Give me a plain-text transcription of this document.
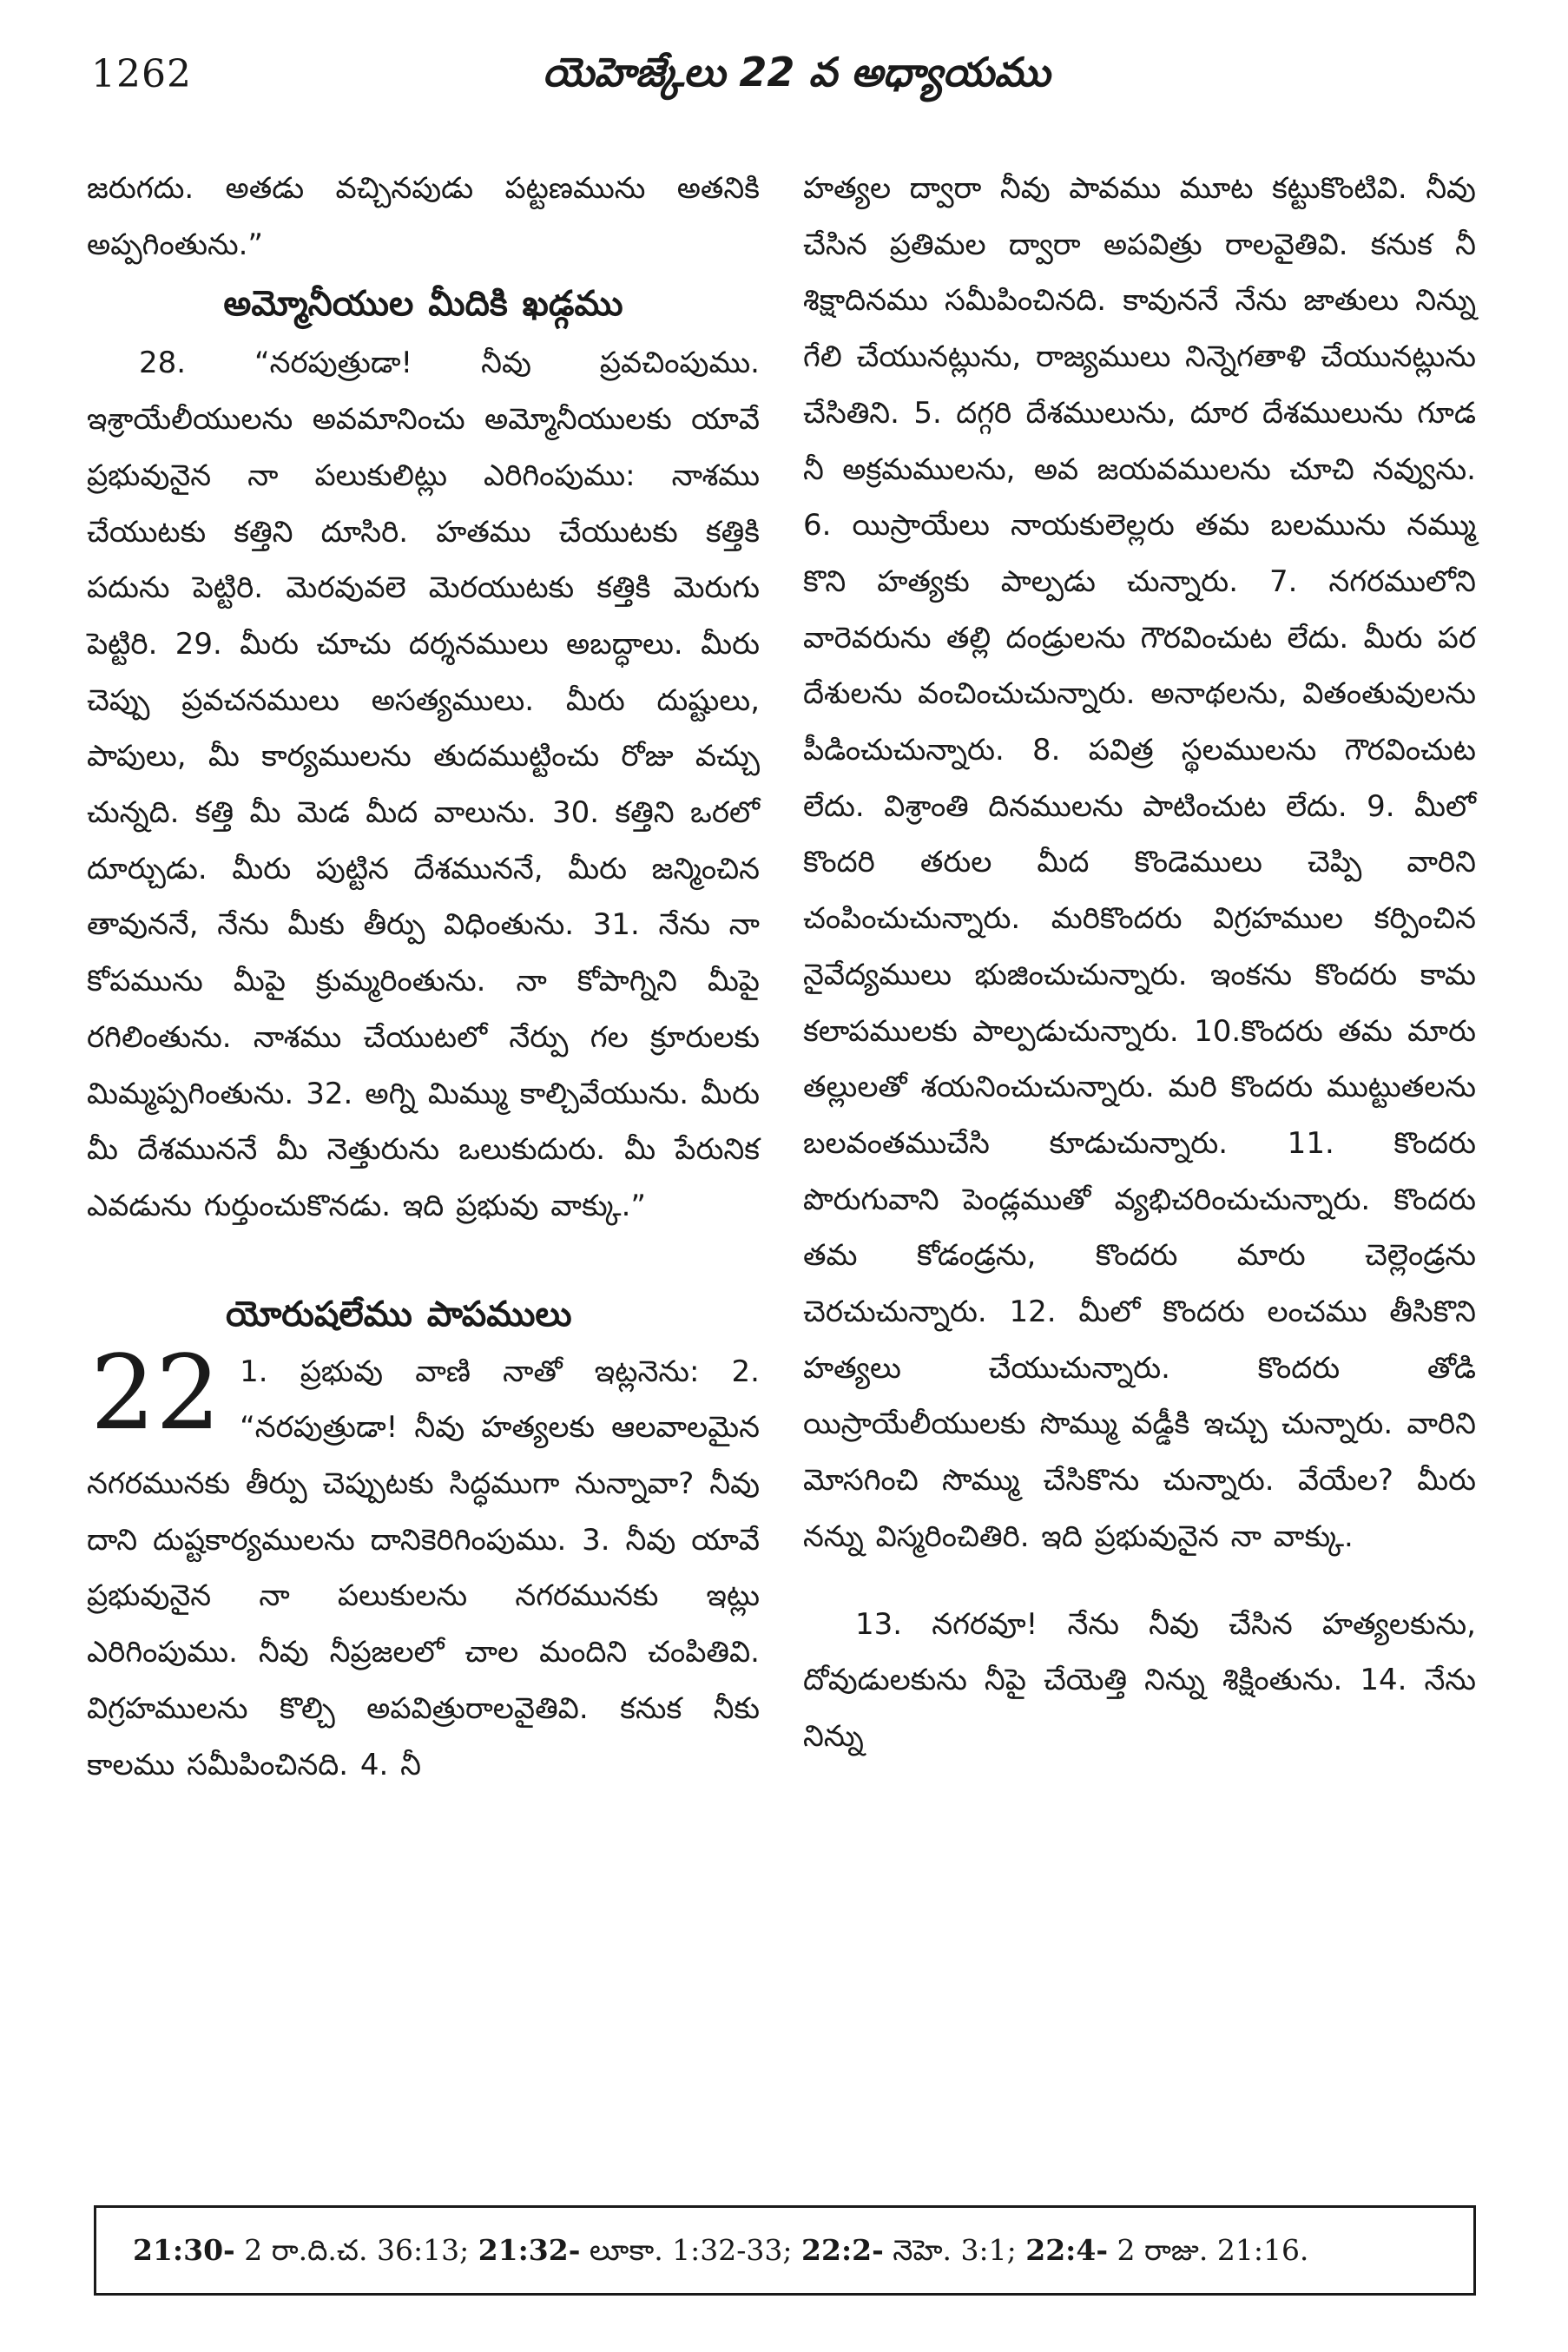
1262	యెహెజ్కేలు 22 వ అధ్యాయము

జరుగదు. అతడు వచ్చినపుడు పట్టణమును అతనికి అప్పగింతును.”

అమ్మోనీయుల మీదికి ఖడ్గము

28. “నరపుత్రుడా! నీవు ప్రవచింపుము. ఇశ్రాయేలీయులను అవమానించు అమ్మోనీయులకు యావే ప్రభువునైన నా పలుకులిట్లు ఎరిగింపుము: నాశము చేయుటకు కత్తిని దూసిరి. హతము చేయుటకు కత్తికి పదును పెట్టిరి. మెరవువలె మెరయుటకు కత్తికి మెరుగు పెట్టిరి. 29. మీరు చూచు దర్శనములు అబద్ధాలు. మీరు చెప్పు ప్రవచనములు అసత్యములు. మీరు దుష్టులు, పాపులు, మీ కార్యములను తుదముట్టించు రోజు వచ్చు చున్నది. కత్తి మీ మెడ మీద వాలును. 30. కత్తిని ఒరలో దూర్చుడు. మీరు పుట్టిన దేశముననే, మీరు జన్మించిన తావుననే, నేను మీకు తీర్పు విధింతును. 31. నేను నా కోపమును మీపై క్రుమ్మరింతును. నా కోపాగ్నిని మీపై రగిలింతును. నాశము చేయుటలో నేర్పు గల క్రూరులకు మిమ్మప్పగింతును. 32. అగ్ని మిమ్ము కాల్చివేయును. మీరు మీ దేశముననే మీ నెత్తురును ఒలుకుదురు. మీ పేరునిక ఎవడును గుర్తుంచుకొనడు. ఇది ప్రభువు వాక్కు.”

యోరుషలేము పాపములు
22 1. ప్రభువు వాణి నాతో ఇట్లనెను: 2. “నరపుత్రుడా! నీవు హత్యలకు ఆలవాలమైన నగరమునకు తీర్పు చెప్పుటకు సిద్ధముగా నున్నావా? నీవు దాని దుష్టకార్యములను దానికెరిగింపుము. 3. నీవు యావే ప్రభువునైన నా పలుకులను నగరమునకు ఇట్లు ఎరిగింపుము. నీవు నీప్రజలలో చాల మందిని చంపితివి. విగ్రహములను కొల్చి అపవిత్రురాలవైతివి. కనుక నీకు కాలము సమీపించినది. 4. నీ

హత్యల ద్వారా నీవు పావము మూట కట్టుకొంటివి. నీవు చేసిన ప్రతిమల ద్వారా అపవిత్రు రాలవైతివి. కనుక నీ శిక్షాదినము సమీపించినది. కావుననే నేను జాతులు నిన్ను గేలి చేయునట్లును, రాజ్యములు నిన్నెగతాళి చేయునట్లును చేసితిని. 5. దగ్గరి దేశములును, దూర దేశములును గూడ నీ అక్రమములను, అవ జయవములను చూచి నవ్వును. 6. యిస్రాయేలు నాయకులెల్లరు తమ బలమును నమ్ము కొని హత్యకు పాల్పడు చున్నారు. 7. నగరములోని వారెవరును తల్లి దండ్రులను గౌరవించుట లేదు. మీరు పర దేశులను వంచించుచున్నారు. అనాథలను, వితంతువులను పీడించుచున్నారు. 8. పవిత్ర స్థలములను గౌరవించుట లేదు. విశ్రాంతి దినములను పాటించుట లేదు. 9. మీలో కొందరి తరుల మీద కొండెములు చెప్పి వారిని చంపించుచున్నారు. మరికొందరు విగ్రహముల కర్పించిన నైవేద్యములు భుజించుచున్నారు. ఇంకను కొందరు కామ కలాపములకు పాల్పడుచున్నారు. 10.కొందరు తమ మారు తల్లులతో శయనించుచున్నారు. మరి కొందరు ముట్టుతలను బలవంతముచేసి కూడుచున్నారు. 11. కొందరు పొరుగువాని పెండ్లముతో వ్యభిచరించుచున్నారు. కొందరు తమ కోడండ్రను, కొందరు మారు చెల్లెండ్రను చెరచుచున్నారు. 12. మీలో కొందరు లంచము తీసికొని హత్యలు చేయుచున్నారు. కొందరు తోడి యిస్రాయేలీయులకు సొమ్ము వడ్డీకి ఇచ్చు చున్నారు. వారిని మోసగించి సొమ్ము చేసికొను చున్నారు. వేయేల? మీరు నన్ను విస్మరించితిరి. ఇది ప్రభువునైన నా వాక్కు.

13. నగరవూ! నేను నీవు చేసిన హత్యలకును, దోవుడులకును నీపై చేయెత్తి నిన్ను శిక్షింతును. 14. నేను నిన్ను

21:30- 2 రా.ది.చ. 36:13; 21:32- లూకా. 1:32-33; 22:2- నెహె. 3:1; 22:4- 2 రాజు. 21:16.
